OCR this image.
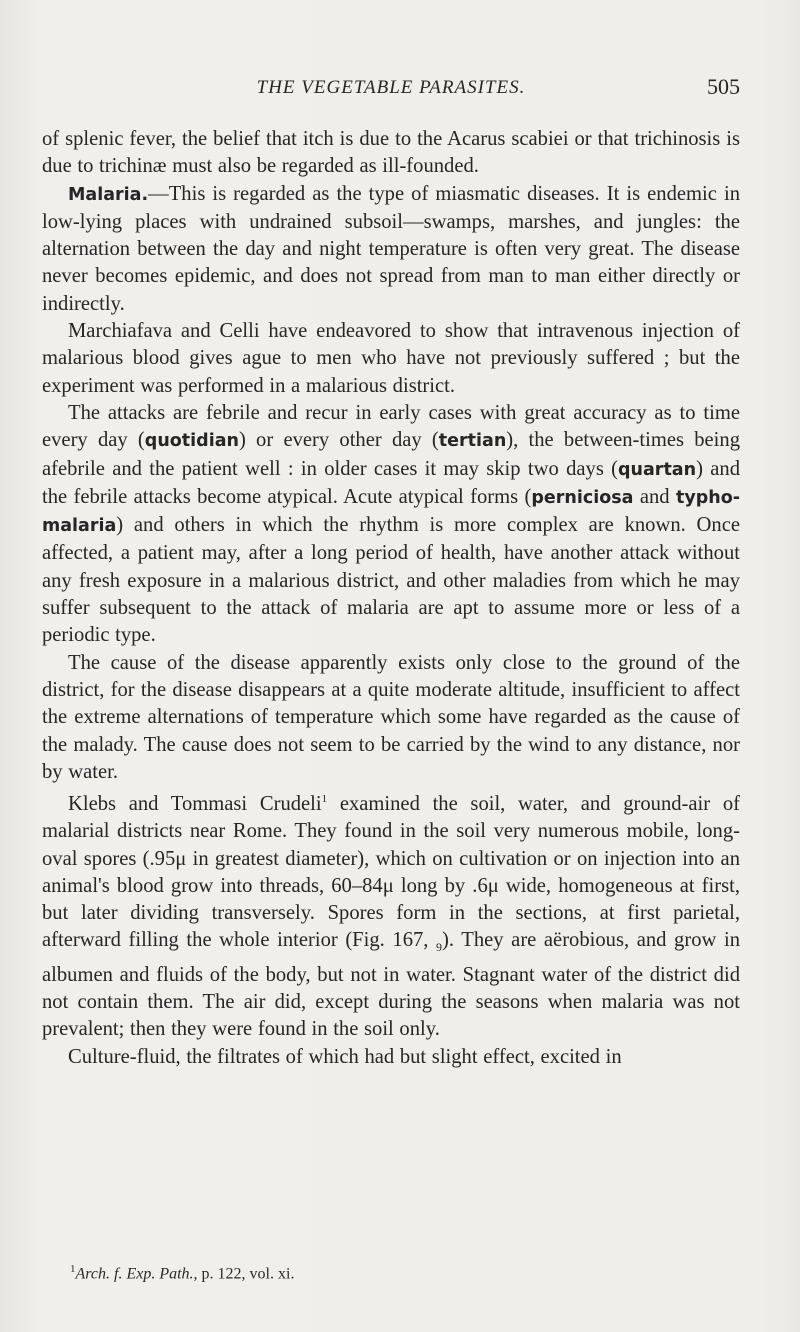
THE VEGETABLE PARASITES.	505

of splenic fever, the belief that itch is due to the Acarus scabiei or that trichinosis is due to trichinæ must also be regarded as ill-founded.

Malaria.—This is regarded as the type of miasmatic diseases. It is endemic in low-lying places with undrained subsoil—swamps, marshes, and jungles: the alternation between the day and night temperature is often very great. The disease never becomes epidemic, and does not spread from man to man either directly or indirectly.

Marchiafava and Celli have endeavored to show that intravenous injection of malarious blood gives ague to men who have not previously suffered ; but the experiment was performed in a malarious district.

The attacks are febrile and recur in early cases with great accuracy as to time every day (quotidian) or every other day (tertian), the between-times being afebrile and the patient well : in older cases it may skip two days (quartan) and the febrile attacks become atypical. Acute atypical forms (perniciosa and typho-malaria) and others in which the rhythm is more complex are known. Once affected, a patient may, after a long period of health, have another attack without any fresh exposure in a malarious district, and other maladies from which he may suffer subsequent to the attack of malaria are apt to assume more or less of a periodic type.

The cause of the disease apparently exists only close to the ground of the district, for the disease disappears at a quite moderate altitude, insufficient to affect the extreme alternations of temperature which some have regarded as the cause of the malady. The cause does not seem to be carried by the wind to any distance, nor by water.

Klebs and Tommasi Crudeli$^1$ examined the soil, water, and ground-air of malarial districts near Rome. They found in the soil very numerous mobile, long-oval spores (.95μ in greatest diameter), which on cultivation or on injection into an animal's blood grow into threads, 60–84μ long by .6μ wide, homogeneous at first, but later dividing transversely. Spores form in the sections, at first parietal, afterward filling the whole interior (Fig. 167, $_9$). They are aërobious, and grow in albumen and fluids of the body, but not in water. Stagnant water of the district did not contain them. The air did, except during the seasons when malaria was not prevalent; then they were found in the soil only.

Culture-fluid, the filtrates of which had but slight effect, excited in

$^1$Arch. f. Exp. Path., p. 122, vol. xi.
